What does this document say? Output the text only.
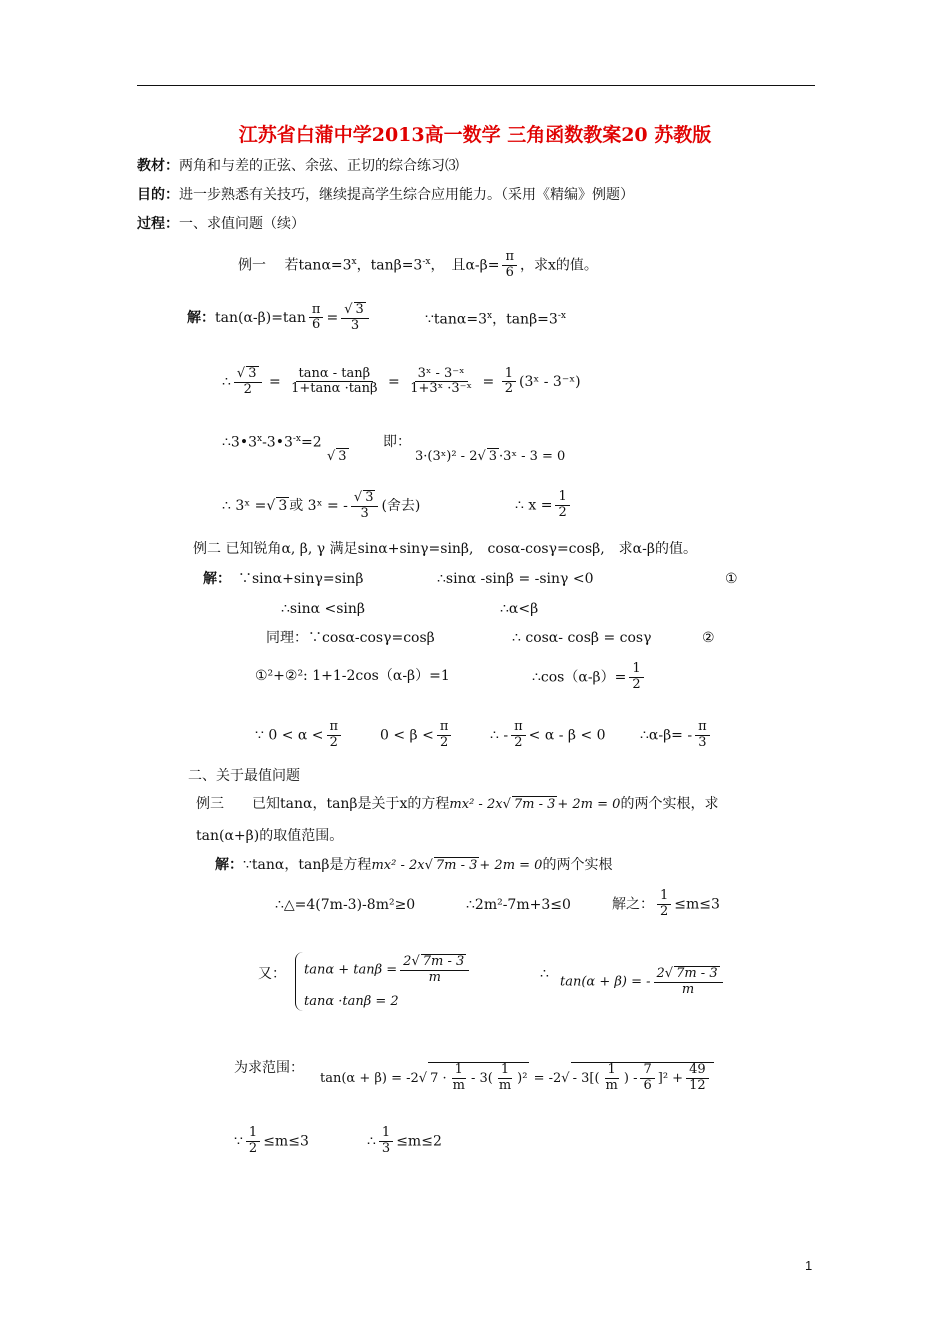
江苏省白蒲中学2013高一数学 三角函数教案20 苏教版
教材：两角和与差的正弦、余弦、正切的综合练习⑶
目的：进一步熟悉有关技巧，继续提高学生综合应用能力。（采用《精编》例题）
过程：一、求值问题（续）
例一　 若$\tan\alpha=3^x$，$\tan\beta=3^{-x}$，　且$\alpha-\beta= \frac{\pi}{6}$ ，求x的值。
解：$\tan(\alpha-\beta)=\tan \frac{\pi}{6} = \frac{√ 3}{3}$	$\because\tan\alpha=3^x$，$\tan\beta=3^{-x}$
∴ $\frac{√ 3}{2} = \frac{\tan\alpha - \tan\beta}{1+\tan\alpha \cdot\tan\beta} = \frac{\text{3ˣ - 3⁻ˣ}}{\text{1+3ˣ ·3⁻ˣ}} = \frac{1}{2}$ (3ˣ - 3⁻ˣ)
$\therefore 3•3^x-3•3^{-x}=2$
√ 3
即：
3·(3ˣ)² - 2√ 3 ·3ˣ - 3 = 0
∴ 3ˣ =√ 3 或 3ˣ = - $\frac{√ 3}{3}$ (舍去)	∴ $x = \frac{1}{2}$
例二 已知锐角α, β, γ 满足sinα+sinγ=sinβ,　cosα-cosγ=cosβ,　求α-β的值。
解：　 ∵sinα+sinγ=sinβ	∴sinα -sinβ = -sinγ <0	①
∴sinα <sinβ	∴α<β
同理：∵cosα-cosγ=cosβ	∴ cosα- cosβ = cosγ	②
①²+②²: 1+1-2cos（α-β）=1	∴cos（α-β）= $\frac{1}{2}$
∵ $0 < \alpha < \frac{\pi}{2}$	$0 < \beta < \frac{\pi}{2}$	∴ - $\frac{\pi}{2} < \alpha - \beta < 0$ ∴α-β= - $\frac{\pi}{3}$
二、关于最值问题
例三　　已知tanα，tanβ是关于x的方程mx² - 2x√ 7m - 3 + 2m = 0的两个实根，求
tan(α+β)的取值范围。
解：∵tanα，tanβ是方程mx² - 2x√ 7m - 3 + 2m = 0的两个实根
∴△=4(7m-3)-8m²≥0	∴2m²-7m+3≤0	解之： $\frac{1}{2} \le m\le 3$
又： $\tan\alpha + \tan\beta = \frac{2√ 7m - 3}{m}$
tanα ·tanβ = 2
∴ tan(α + β) = - $\frac{2√ 7m - 3}{m}$
为求范围：
tan(α + β) = -2√ $7 \cdot \frac{1}{m} - 3( \frac{1}{m} )^2 = -2√ - 3[( \frac{1}{m}$ ) - $\frac{7}{6} ]^2 + \frac{49}{12}$
∵ $\frac{1}{2} \le m\le 3$	∴ $\frac{1}{3} \le m\le 2$
1
